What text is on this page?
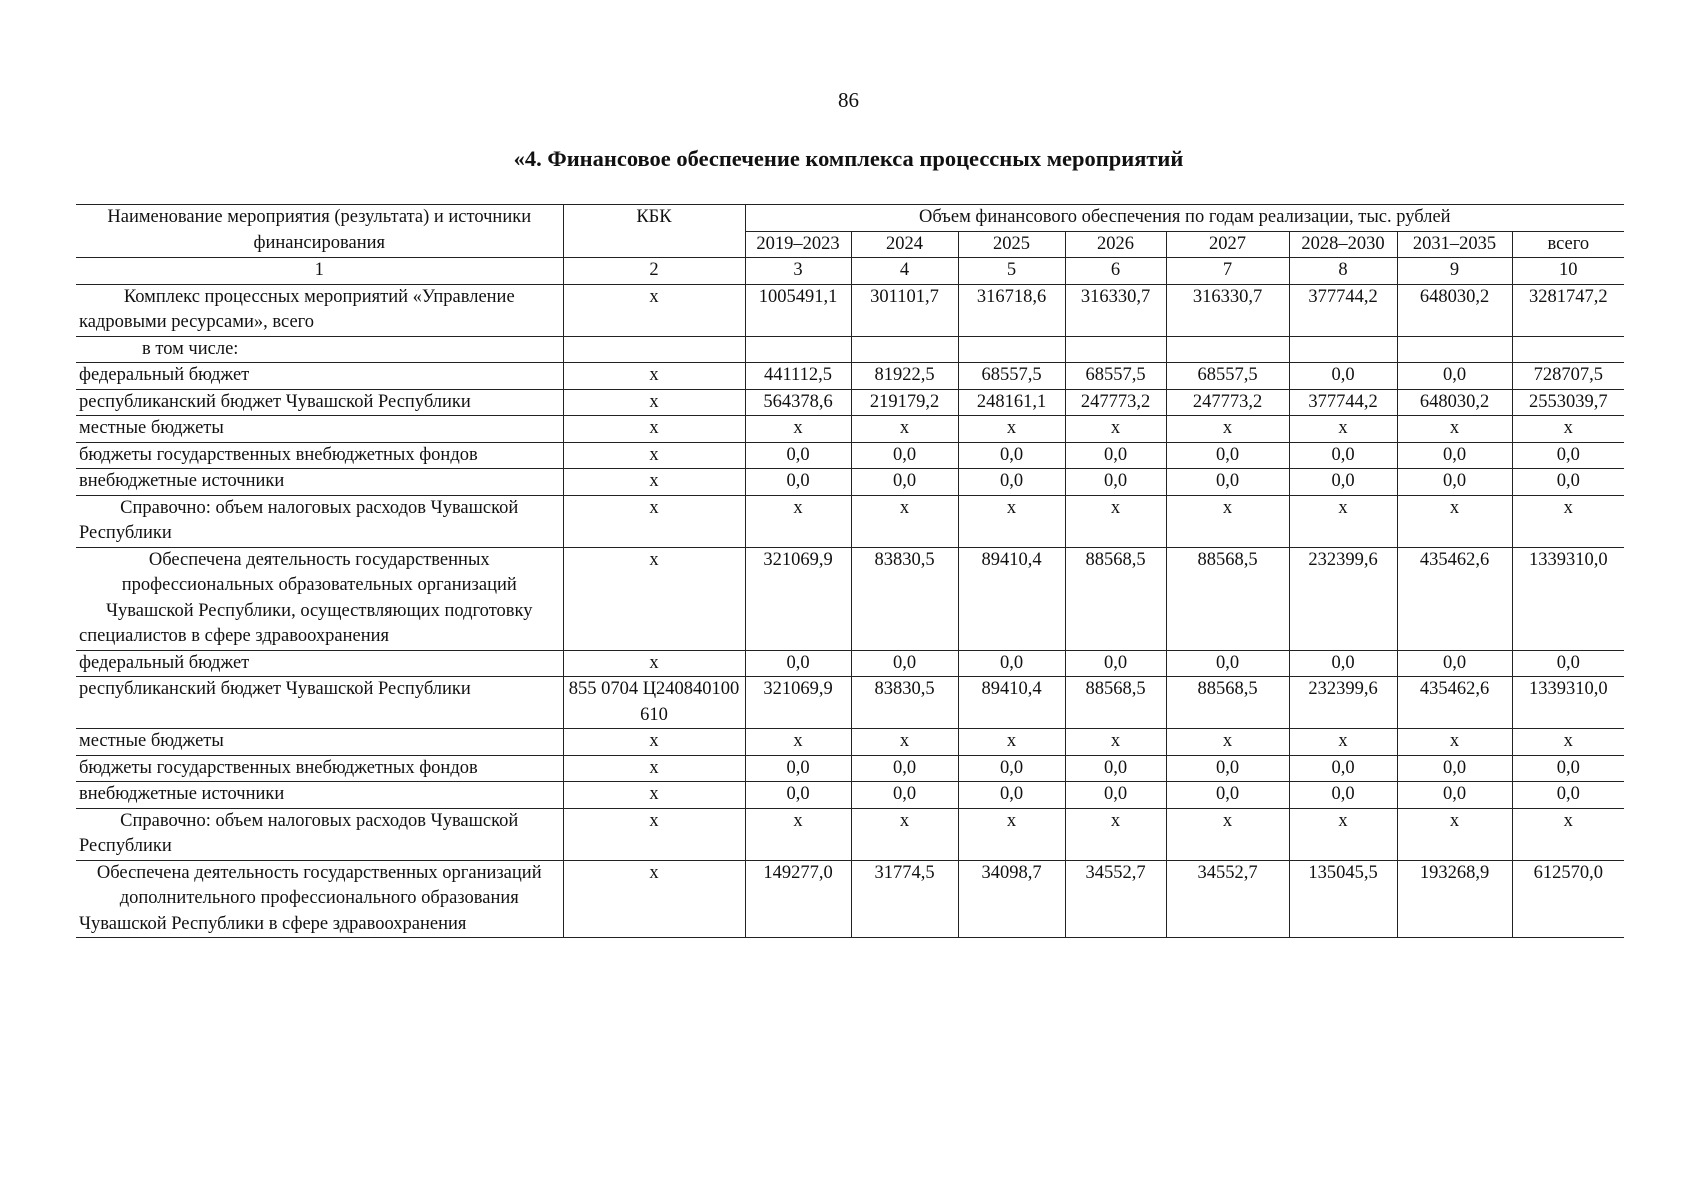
86
«4. Финансовое обеспечение комплекса процессных мероприятий
Наименование мероприятия (результата) и источники финансирования	КБК	Объем финансового обеспечения по годам реализации, тыс. рублей							
		2019–2023	2024	2025	2026	2027	2028–2030	2031–2035	всего
1	2	3	4	5	6	7	8	9	10
Комплекс процессных мероприятий «Управление кадровыми ресурсами», всего	x	1005491,1	301101,7	316718,6	316330,7	316330,7	377744,2	648030,2	3281747,2
в том числе:									
федеральный бюджет	x	441112,5	81922,5	68557,5	68557,5	68557,5	0,0	0,0	728707,5
республиканский бюджет Чувашской Республики	x	564378,6	219179,2	248161,1	247773,2	247773,2	377744,2	648030,2	2553039,7
местные бюджеты	x	x	x	x	x	x	x	x	x
бюджеты государственных внебюджетных фондов	x	0,0	0,0	0,0	0,0	0,0	0,0	0,0	0,0
внебюджетные источники	x	0,0	0,0	0,0	0,0	0,0	0,0	0,0	0,0
Справочно: объем налоговых расходов Чувашской Республики	x	x	x	x	x	x	x	x	x
Обеспечена деятельность государственных профессиональных образовательных организаций Чувашской Республики, осуществляющих подготовку специалистов в сфере здравоохранения	x	321069,9	83830,5	89410,4	88568,5	88568,5	232399,6	435462,6	1339310,0
федеральный бюджет	x	0,0	0,0	0,0	0,0	0,0	0,0	0,0	0,0
республиканский бюджет Чувашской Республики	855 0704 Ц240840100 610	321069,9	83830,5	89410,4	88568,5	88568,5	232399,6	435462,6	1339310,0
местные бюджеты	x	x	x	x	x	x	x	x	x
бюджеты государственных внебюджетных фондов	x	0,0	0,0	0,0	0,0	0,0	0,0	0,0	0,0
внебюджетные источники	x	0,0	0,0	0,0	0,0	0,0	0,0	0,0	0,0
Справочно: объем налоговых расходов Чувашской Республики	x	x	x	x	x	x	x	x	x
Обеспечена деятельность государственных организаций дополнительного профессионального образования Чувашской Республики в сфере здравоохранения	x	149277,0	31774,5	34098,7	34552,7	34552,7	135045,5	193268,9	612570,0
